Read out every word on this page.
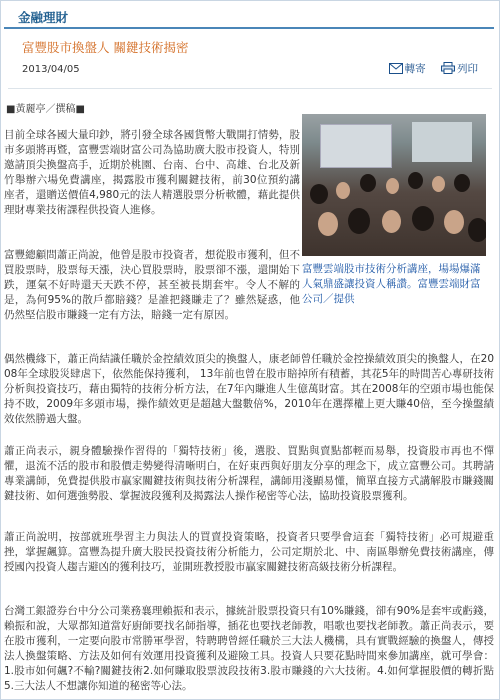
金融理財
富豐股市換盤人 關鍵技術揭密
2013/04/05	轉寄	列印
■黃麗亭／撰稿■
富豐雲端股市技術分析講座，場場爆滿人氣鼎盛讓投資人稱讚。富豐雲端財富公司／提供

目前全球各國大量印鈔，將引發全球各國貨幣大戰開打情勢，股市多頭將再暨，富豐雲端財富公司為協助廣大股市投資人，特別邀請頂尖換盤高手，近期於桃園、台南、台中、高雄、台北及新竹舉辦六場免費講座，揭露股市獲利關鍵技術，前30位預約講座者，還贈送價值4,980元的法人精選股票分析軟體，藉此提供理財專業技術課程供投資人進修。

富豐總顧問蕭正尚說，他曾是股市投資者，想從股市獲利，但不買股票時，股票每天漲，決心買股票時，股票卻不漲，還開始下跌，運氣不好時還天天跌不停，甚至被長期套牢。令人不解的是，為何95%的散戶都賠錢？是誰把錢賺走了？雖然疑惑，他仍然堅信股市賺錢一定有方法，賠錢一定有原因。

偶然機緣下，蕭正尚結識任職於金控績效頂尖的換盤人，康老師曾任職於金控操績效頂尖的換盤人，在2008年全球股災肆虐下，依然能保持獲利， 13年前也曾在股市賠掉所有積蓄，其花5年的時間苦心專研技術分析與投資技巧，藉由獨特的技術分析方法，在7年內賺進人生億萬財富。其在2008年的空頭市場也能保持不敗，2009年多頭市場，操作績效更是超越大盤數倍%，2010年在選擇權上更大賺40倍，至今操盤績效依然勝過大盤。

蕭正尚表示，親身體驗操作習得的「獨特技術」後，選股、買點與賣點都輕而易舉，投資股市再也不憚懼，退流不活的股市和股價走勢變得清晰明白，在好東西與好朋友分享的理念下，成立富豐公司。其聘請專業講師，免費提供股市贏家關鍵技術與技術分析課程，講師用淺顯易懂，簡單直接方式講解股市賺錢關鍵技術、如何選強勢股、掌握波段獲利及揭露法人操作秘密等心法，協助投資股票獲利。

蕭正尚說明，按部就班學習主力與法人的買賣投資策略，投資者只要學會這套「獨特技術」必可規避重挫，掌握飆算。富豐為提升廣大股民投資技術分析能力，公司定期於北、中、南區舉辦免費技術講座，傳授國內投資人趨吉避凶的獲利技巧，並開班教授股市贏家關鍵技術高級技術分析課程。

台灣工銀證券台中分公司業務襄理賴振和表示，據統計股票投資只有10%賺錢，卻有90%是套牢或虧錢，賴振和說，大眾都知道當好廚師要找名師指導，插花也要找老師教，唱歌也要找老師教。蕭正尚表示，要在股市獲利，一定要向股市常勝軍學習，特聘聘曾經任職於三大法人機構，具有實戰經驗的換盤人，傳授法人換盤策略、方法及如何有效運用投資獲利及避險工具。投資人只要花點時間來參加講座，就可學會：1.股市如何飆?不輸?關鍵技術2.如何賺取股票波段技術3.股市賺錢的六大技術。4.如何掌握股價的轉折點5.三大法人不想讓你知道的秘密等心法。
